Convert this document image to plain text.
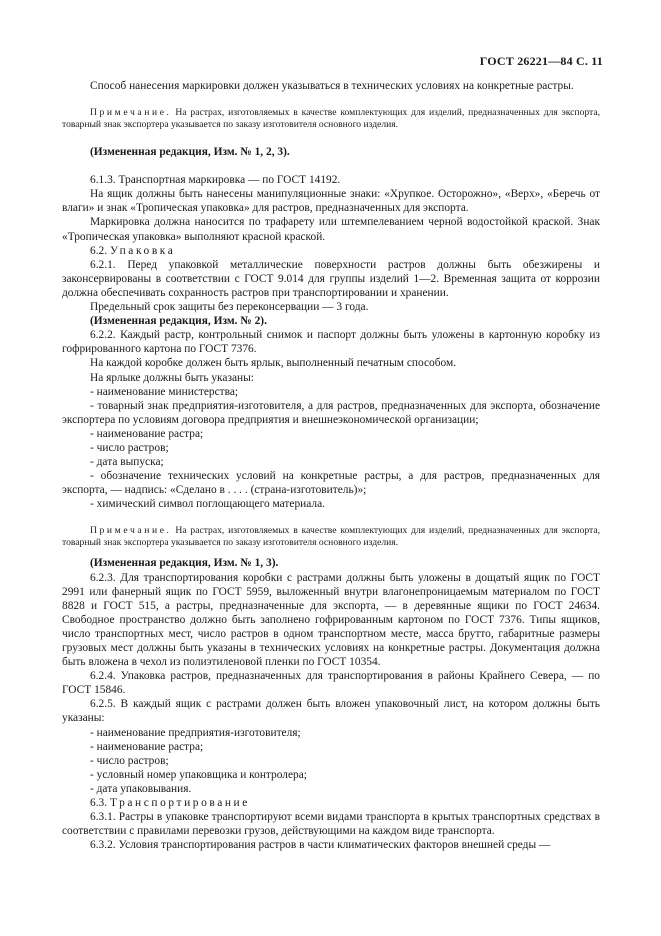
ГОСТ 26221—84 С. 11

Способ нанесения маркировки должен указываться в технических условиях на конкретные растры.

Примечание. На растрах, изготовляемых в качестве комплектующих для изделий, предназначенных для экспорта, товарный знак экспортера указывается по заказу изготовителя основного изделия.

(Измененная редакция, Изм. № 1, 2, 3).

6.1.3. Транспортная маркировка — по ГОСТ 14192.

На ящик должны быть нанесены манипуляционные знаки: «Хрупкое. Осторожно», «Верх», «Беречь от влаги» и знак «Тропическая упаковка» для растров, предназначенных для экспорта.

Маркировка должна наносится по трафарету или штемпелеванием черной водостойкой краской. Знак «Тропическая упаковка» выполняют красной краской.

6.2. Упаковка

6.2.1. Перед упаковкой металлические поверхности растров должны быть обезжирены и законсервированы в соответствии с ГОСТ 9.014 для группы изделий 1—2. Временная защита от коррозии должна обеспечивать сохранность растров при транспортировании и хранении.

Предельный срок защиты без переконсервации — 3 года.

(Измененная редакция, Изм. № 2).

6.2.2. Каждый растр, контрольный снимок и паспорт должны быть уложены в картонную коробку из гофрированного картона по ГОСТ 7376.

На каждой коробке должен быть ярлык, выполненный печатным способом.

На ярлыке должны быть указаны:

- наименование министерства;

- товарный знак предприятия-изготовителя, а для растров, предназначенных для экспорта, обозначение экспортера по условиям договора предприятия и внешнеэкономической организации;

- наименование растра;

- число растров;

- дата выпуска;

- обозначение технических условий на конкретные растры, а для растров, предназначенных для экспорта, — надпись: «Сделано в . . . . (страна-изготовитель)»;

- химический символ поглощающего материала.

Примечание. На растрах, изготовляемых в качестве комплектующих для изделий, предназначенных для экспорта, товарный знак экспортера указывается по заказу изготовителя основного изделия.

(Измененная редакция, Изм. № 1, 3).

6.2.3. Для транспортирования коробки с растрами должны быть уложены в дощатый ящик по ГОСТ 2991 или фанерный ящик по ГОСТ 5959, выложенный внутри влагонепроницаемым материалом по ГОСТ 8828 и ГОСТ 515, а растры, предназначенные для экспорта, — в деревянные ящики по ГОСТ 24634. Свободное пространство должно быть заполнено гофрированным картоном по ГОСТ 7376. Типы ящиков, число транспортных мест, число растров в одном транспортном месте, масса брутто, габаритные размеры грузовых мест должны быть указаны в технических условиях на конкретные растры. Документация должна быть вложена в чехол из полиэтиленовой пленки по ГОСТ 10354.

6.2.4. Упаковка растров, предназначенных для транспортирования в районы Крайнего Севера, — по ГОСТ 15846.

6.2.5. В каждый ящик с растрами должен быть вложен упаковочный лист, на котором должны быть указаны:

- наименование предприятия-изготовителя;

- наименование растра;

- число растров;

- условный номер упаковщика и контролера;

- дата упаковывания.

6.3. Транспортирование

6.3.1. Растры в упаковке транспортируют всеми видами транспорта в крытых транспортных средствах в соответствии с правилами перевозки грузов, действующими на каждом виде транспорта.

6.3.2. Условия транспортирования растров в части климатических факторов внешней среды —
